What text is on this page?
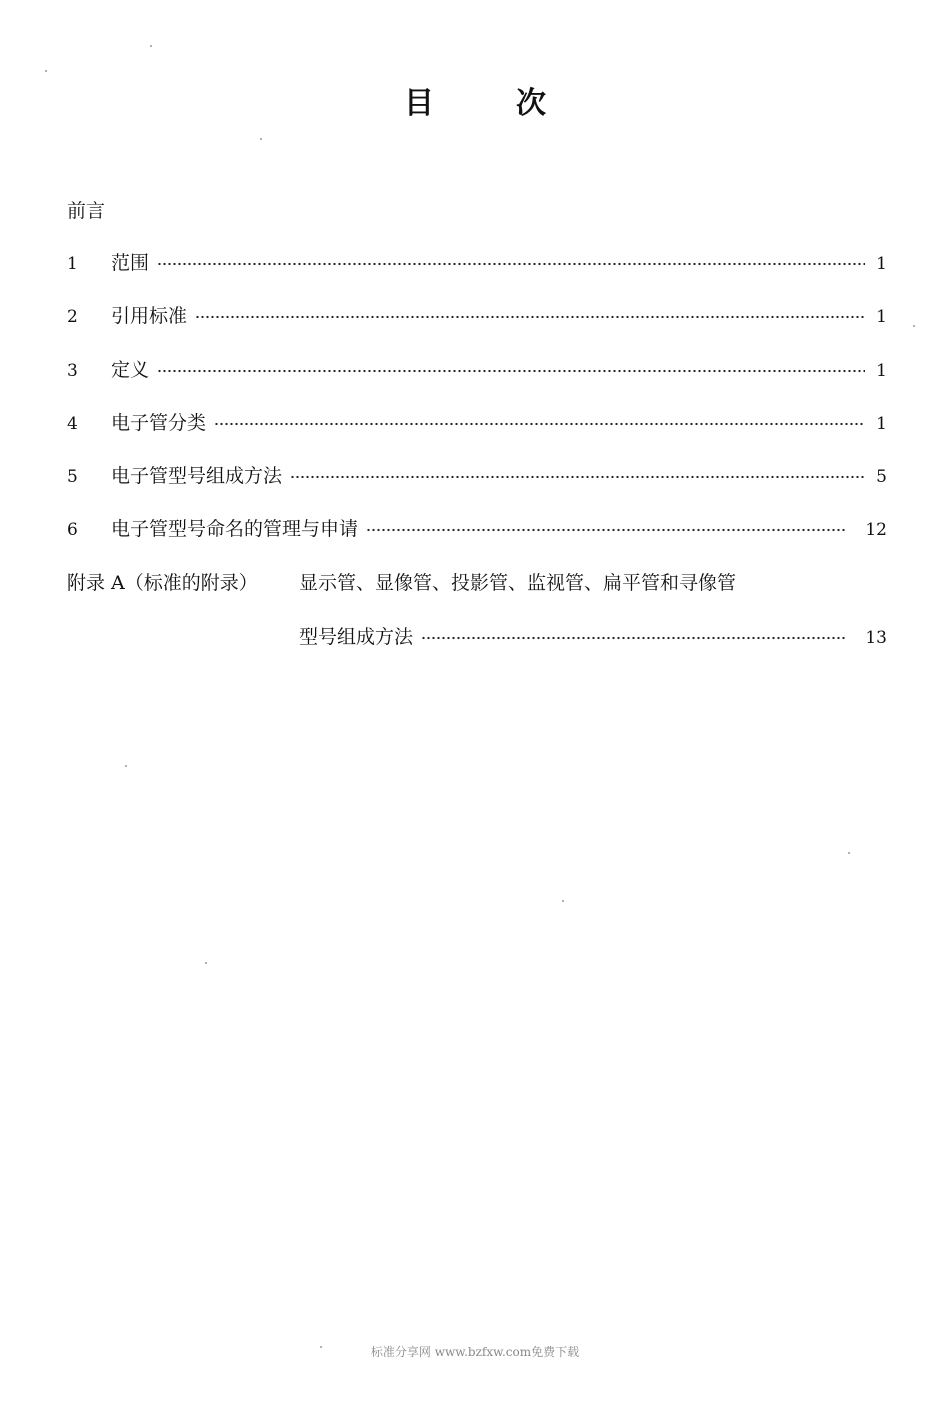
目	次
前言
1	范围	1
2	引用标准	1
3	定义	1
4	电子管分类	1
5	电子管型号组成方法	5
6	电子管型号命名的管理与申请	12
附录 A（标准的附录） 显示管、显像管、投影管、监视管、扁平管和寻像管
型号组成方法	13
标准分享网 www.bzfxw.com免费下载
